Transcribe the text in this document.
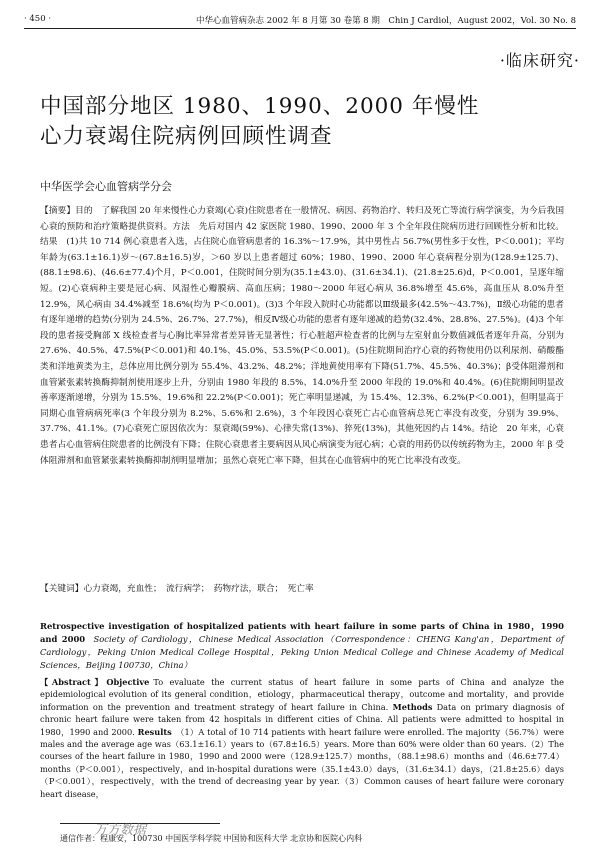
· 450 ·	中华心血管病杂志 2002 年 8 月第 30 卷第 8 期　Chin J Cardiol，August 2002，Vol. 30 No. 8
·临床研究·
中国部分地区 1980、1990、2000 年慢性
心力衰竭住院病例回顾性调查
中华医学会心血管病学分会

【摘要】目的　了解我国 20 年来慢性心力衰竭(心衰)住院患者在一般情况、病因、药物治疗、转归及死亡等流行病学演变，为今后我国心衰的预防和治疗策略提供资料。方法　先后对国内 42 家医院 1980、1990、2000 年 3 个全年段住院病历进行回顾性分析和比较。结果　(1)共 10 714 例心衰患者入选，占住院心血管病患者的 16.3%～17.9%，其中男性占 56.7%(男性多于女性，P＜0.001)；平均年龄为(63.1±16.1)岁～(67.8±16.5)岁，＞60 岁以上患者超过 60%；1980、1990、2000 年心衰病程分别为(128.9±125.7)、(88.1±98.6)、(46.6±77.4)个月，P＜0.001，住院时间分别为(35.1±43.0)、(31.6±34.1)、(21.8±25.6)d，P＜0.001，呈逐年缩短。(2)心衰病种主要是冠心病、风湿性心瓣膜病、高血压病；1980～2000 年冠心病从 36.8%增至 45.6%，高血压从 8.0%升至 12.9%，风心病由 34.4%减至 18.6%(均为 P＜0.001)。(3)3 个年段入院时心功能都以Ⅲ级最多(42.5%～43.7%)，Ⅱ级心功能的患者有逐年递增的趋势(分别为 24.5%、26.7%、27.7%)，相反Ⅳ级心功能的患者有逐年递减的趋势(32.4%、28.8%、27.5%)。(4)3 个年段的患者接受胸部 X 线检查者与心胸比率异常者差异皆无显著性；行心脏超声检查者的比例与左室射血分数值减低者逐年升高，分别为 27.6%、40.5%、47.5%(P＜0.001)和 40.1%、45.0%、53.5%(P＜0.001)。(5)住院期间治疗心衰的药物使用仍以利尿剂、硝酸酯类和洋地黄类为主，总体应用比例分别为 55.4%、43.2%、48.2%；洋地黄使用率有下降(51.7%、45.5%、40.3%)；β受体阻滞剂和血管紧张素转换酶抑制剂使用逐步上升，分别由 1980 年段的 8.5%、14.0%升至 2000 年段的 19.0%和 40.4%。(6)住院期间明显改善率逐渐递增，分别为 15.5%、19.6%和 22.2%(P＜0.001)；死亡率明显递减，为 15.4%、12.3%、6.2%(P＜0.001)，但明显高于同期心血管病病死率(3 个年段分别为 8.2%、5.6%和 2.6%)，3 个年段因心衰死亡占心血管病总死亡率没有改变，分别为 39.9%、37.7%、41.1%。(7)心衰死亡原因依次为：泵衰竭(59%)、心律失常(13%)、猝死(13%)，其他死因约占 14%。结论　20 年来，心衰患者占心血管病住院患者的比例没有下降；住院心衰患者主要病因从风心病演变为冠心病；心衰的用药仍以传统药物为主，2000 年 β 受体阻滞剂和血管紧张素转换酶抑制剂明显增加；虽然心衰死亡率下降，但其在心血管病中的死亡比率没有改变。

【关键词】心力衰竭，充血性；　流行病学；　药物疗法，联合；　死亡率

Retrospective investigation of hospitalized patients with heart failure in some parts of China in 1980，1990 and 2000  Society of Cardiology，Chinese Medical Association（Correspondence：CHENG Kang'an，Department of Cardiology，Peking Union Medical College Hospital，Peking Union Medical College and Chinese Academy of Medical Sciences，Beijing 100730，China）

【Abstract】Objective  To evaluate the current status of heart failure in some parts of China and analyze the epidemiological evolution of its general condition，etiology，pharmaceutical therapy，outcome and mortality，and provide information on the prevention and treatment strategy of heart failure in China. Methods  Data on primary diagnosis of chronic heart failure were taken from 42 hospitals in different cities of China. All patients were admitted to hospital in 1980，1990 and 2000. Results  （1）A total of 10 714 patients with heart failure were enrolled. The majority（56.7%）were males and the average age was（63.1±16.1）years to（67.8±16.5）years. More than 60% were older than 60 years.（2）The courses of the heart failure in 1980，1990 and 2000 were（128.9±125.7）months，（88.1±98.6）months and（46.6±77.4）months（P＜0.001），respectively，and in-hospital durations were（35.1±43.0）days，（31.6±34.1）days，（21.8±25.6）days（P＜0.001），respectively，with the trend of decreasing year by year.（3）Common causes of heart failure were coronary heart disease，

通信作者：程康安，100730 中国医学科学院 中国协和医科大学 北京协和医院心内科
万方数据
